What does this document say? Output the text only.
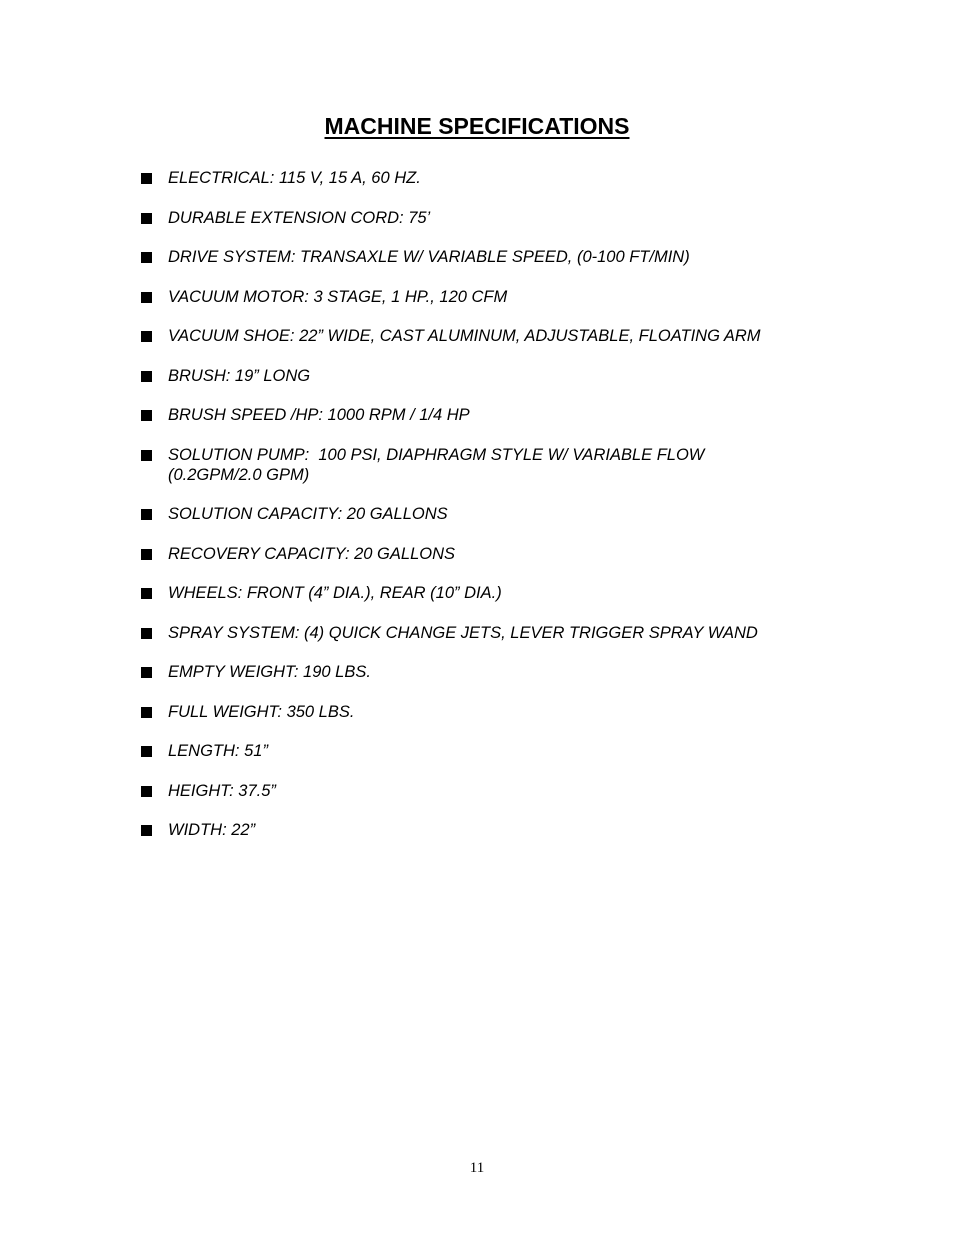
MACHINE SPECIFICATIONS
ELECTRICAL: 115 V, 15 A, 60 HZ.
DURABLE EXTENSION CORD: 75’
DRIVE SYSTEM: TRANSAXLE W/ VARIABLE SPEED, (0-100 FT/MIN)
VACUUM MOTOR: 3 STAGE, 1 HP., 120 CFM
VACUUM SHOE: 22” WIDE, CAST ALUMINUM, ADJUSTABLE, FLOATING ARM
BRUSH: 19” LONG
BRUSH SPEED /HP: 1000 RPM / 1/4 HP
SOLUTION PUMP:  100 PSI, DIAPHRAGM STYLE W/ VARIABLE FLOW
(0.2GPM/2.0 GPM)
SOLUTION CAPACITY: 20 GALLONS
RECOVERY CAPACITY: 20 GALLONS
WHEELS: FRONT (4” DIA.), REAR (10” DIA.)
SPRAY SYSTEM: (4) QUICK CHANGE JETS, LEVER TRIGGER SPRAY WAND
EMPTY WEIGHT: 190 LBS.
FULL WEIGHT: 350 LBS.
LENGTH: 51”
HEIGHT: 37.5”
WIDTH: 22”
11
